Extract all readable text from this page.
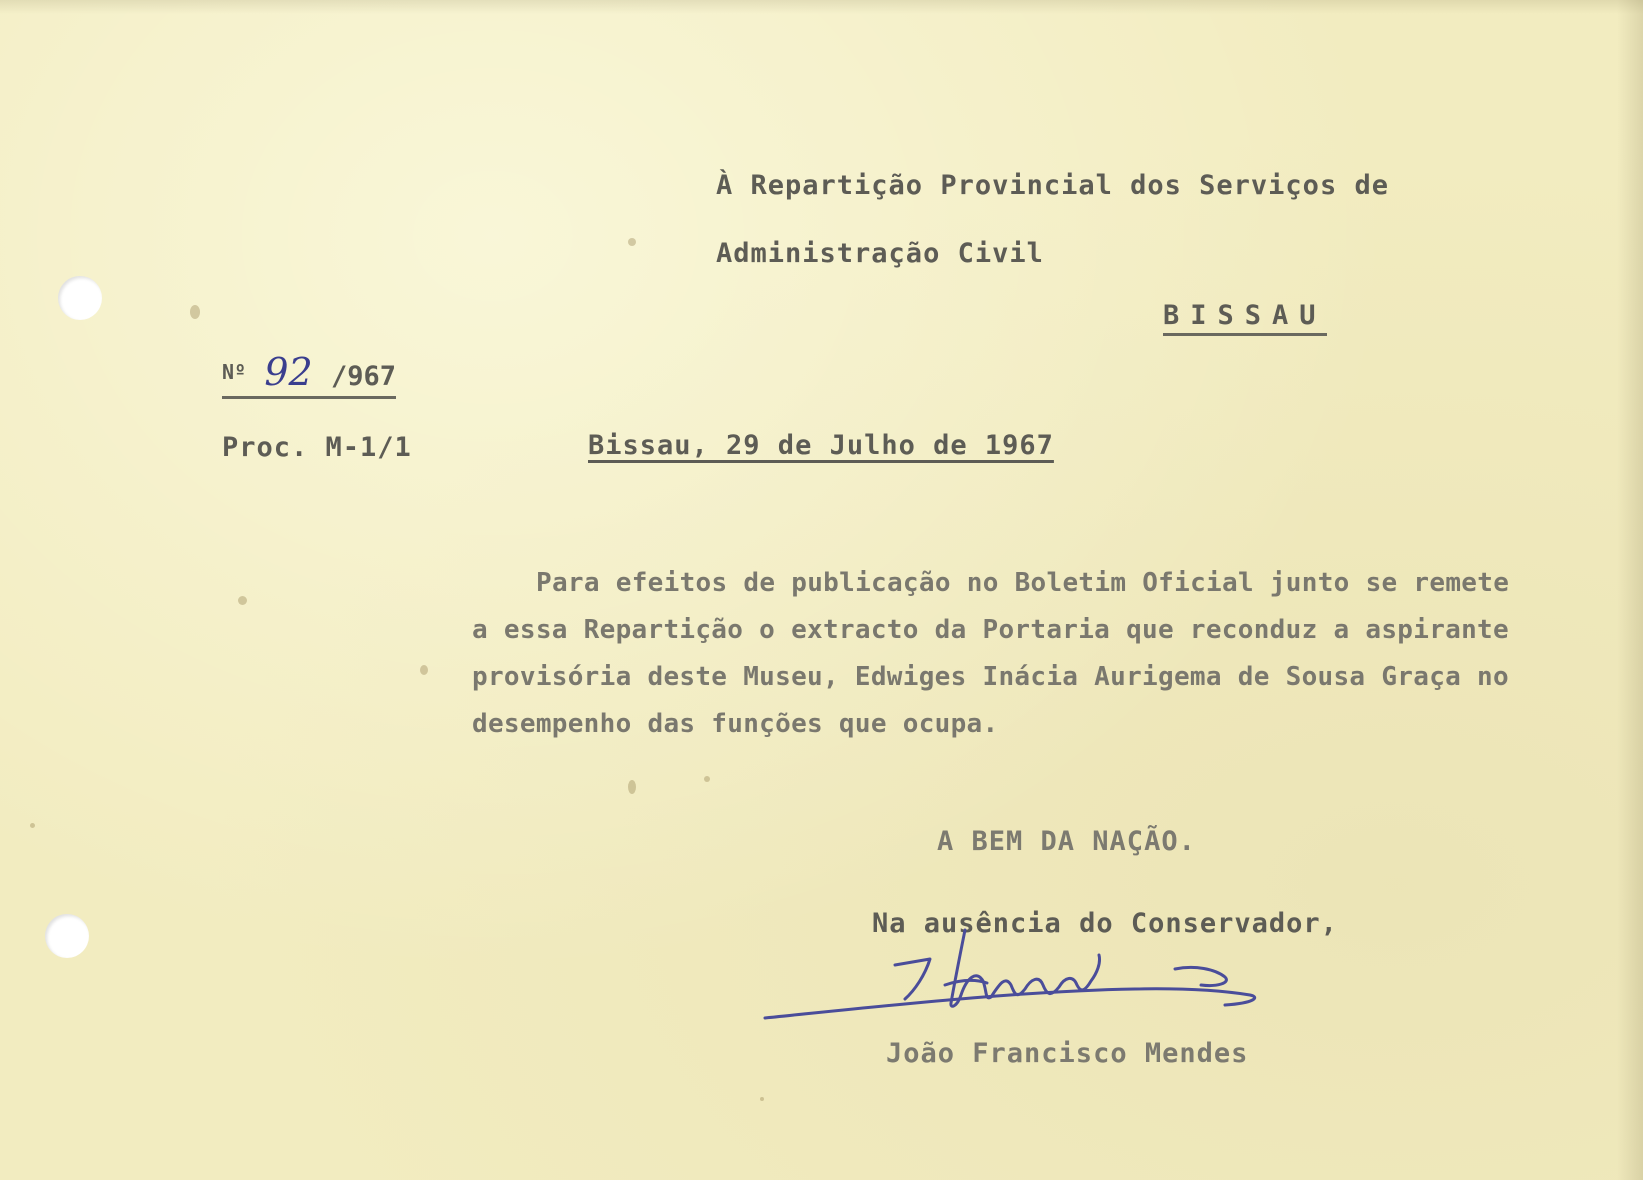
À Repartição Provincial dos Serviços de
Administração Civil
BISSAU
$^{Nº}$ 92 /967
Proc. M-1/1	Bissau, 29 de Julho de 1967
Para efeitos de publicação no Boletim Oficial junto se remete
a essa Repartição o extracto da Portaria que reconduz a aspirante
provisória deste Museu, Edwiges Inácia Aurigema de Sousa Graça no
desempenho das funções que ocupa.
A BEM DA NAÇÃO.
Na ausência do Conservador,
João Francisco Mendes
